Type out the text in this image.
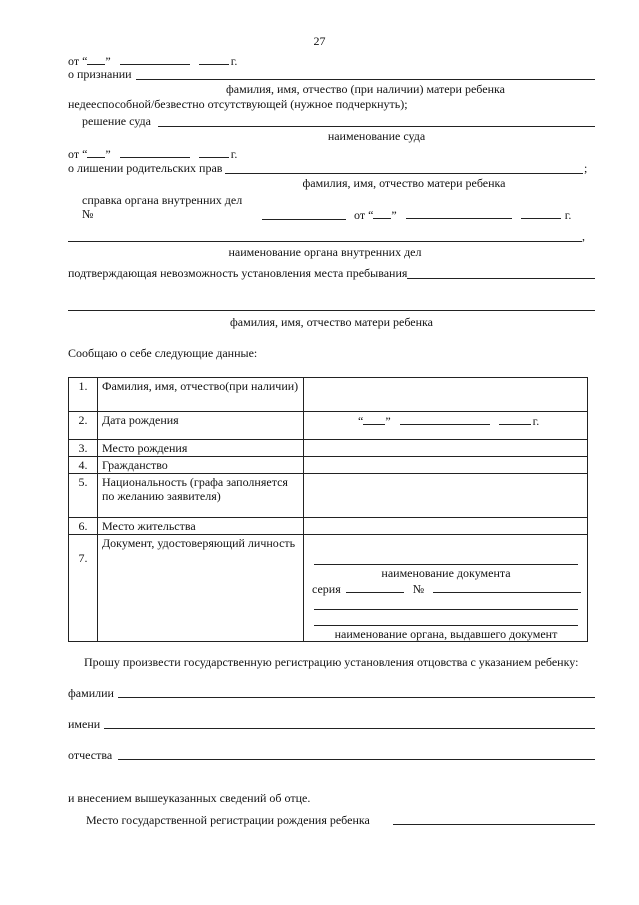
27
от “ ”	г.
о признании
фамилия, имя, отчество (при наличии) матери ребенка
недееспособной/безвестно отсутствующей (нужное подчеркнуть);
решение суда
наименование суда
от “ ”	г.
о лишении родительских прав	;
фамилия, имя, отчество матери ребенка
справка органа внутренних дел
№	от “ ”	г.
,
наименование органа внутренних дел
подтверждающая невозможность установления места пребывания
фамилия, имя, отчество матери ребенка
Сообщаю о себе следующие данные:
1.	Фамилия, имя, отчество(при наличии)	
2.	Дата рождения	“ ” г.

3.	Место рождения	
4.	Гражданство	
5.	Национальность (графа заполняется по желанию заявителя)	
6.	Место жительства	
7.	Документ, удостоверяющий личность	наименование документа
серия №
наименование органа, выдавшего документ
Прошу произвести государственную регистрацию установления отцовства с указанием ребенку:
фамилии
имени
отчества
и внесением вышеуказанных сведений об отце.
Место государственной регистрации рождения ребенка
